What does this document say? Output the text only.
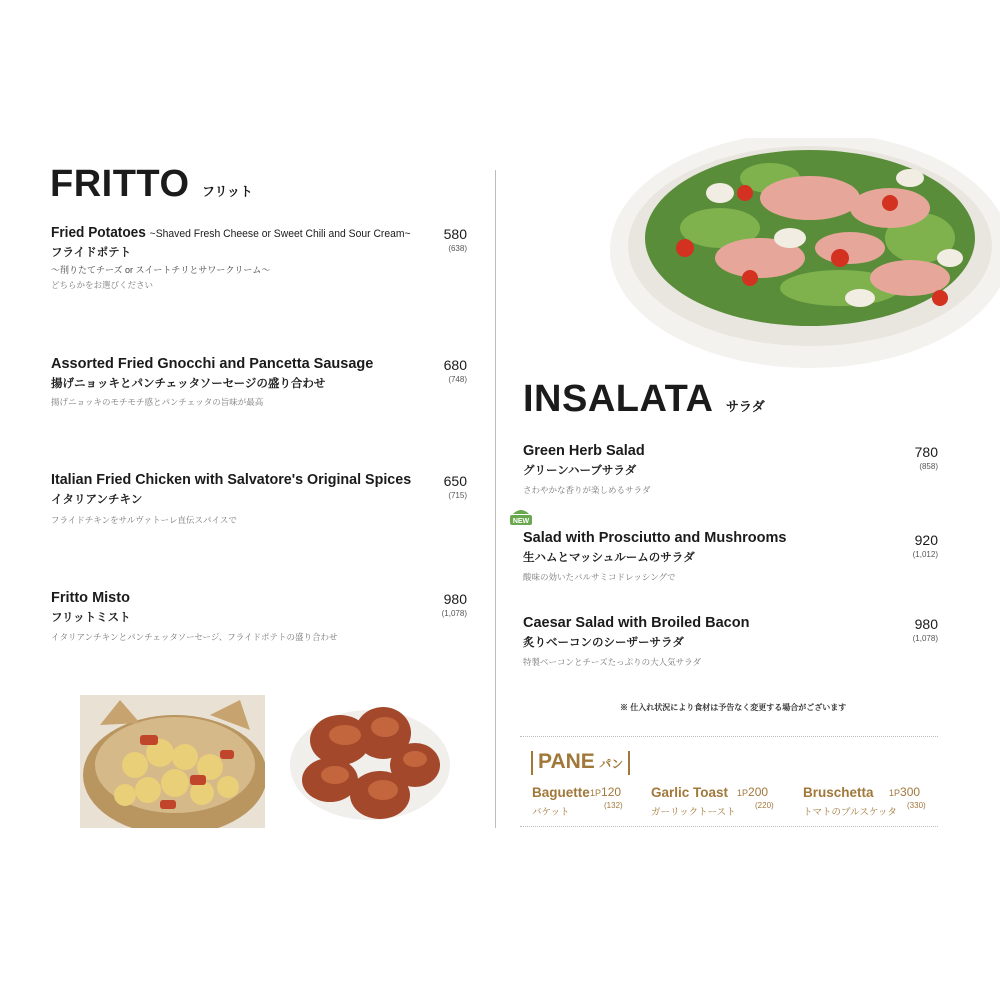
FRITTO フリット
Fried Potatoes ~Shaved Fresh Cheese or Sweet Chili and Sour Cream~
フライドポテト
～削りたてチーズ or スイートチリとサワークリーム～
どちらかをお選びください
580
(638)
Assorted Fried Gnocchi and Pancetta Sausage
揚げニョッキとパンチェッタソーセージの盛り合わせ
揚げニョッキのモチモチ感とパンチェッタの旨味が最高
680
(748)
Italian Fried Chicken with Salvatore's Original Spices
イタリアンチキン
フライドチキンをサルヴァトーレ直伝スパイスで
650
(715)
Fritto Misto
フリットミスト
イタリアンチキンとパンチェッタソーセージ、フライドポテトの盛り合わせ
980
(1,078)
INSALATA サラダ
Green Herb Salad
グリーンハーブサラダ
さわやかな香りが楽しめるサラダ
780
(858)
NEW
Salad with Prosciutto and Mushrooms
生ハムとマッシュルームのサラダ
酸味の効いたバルサミコドレッシングで
920
(1,012)
Caesar Salad with Broiled Bacon
炙りベーコンのシーザーサラダ
特製ベーコンとチーズたっぷりの大人気サラダ
980
(1,078)
※ 仕入れ状況により食材は予告なく変更する場合がございます
PANE パン
Baguette 1P120
バケット
(132)
Garlic Toast 1P200
ガーリックトースト
(220)
Bruschetta 1P300
トマトのブルスケッタ
(330)
